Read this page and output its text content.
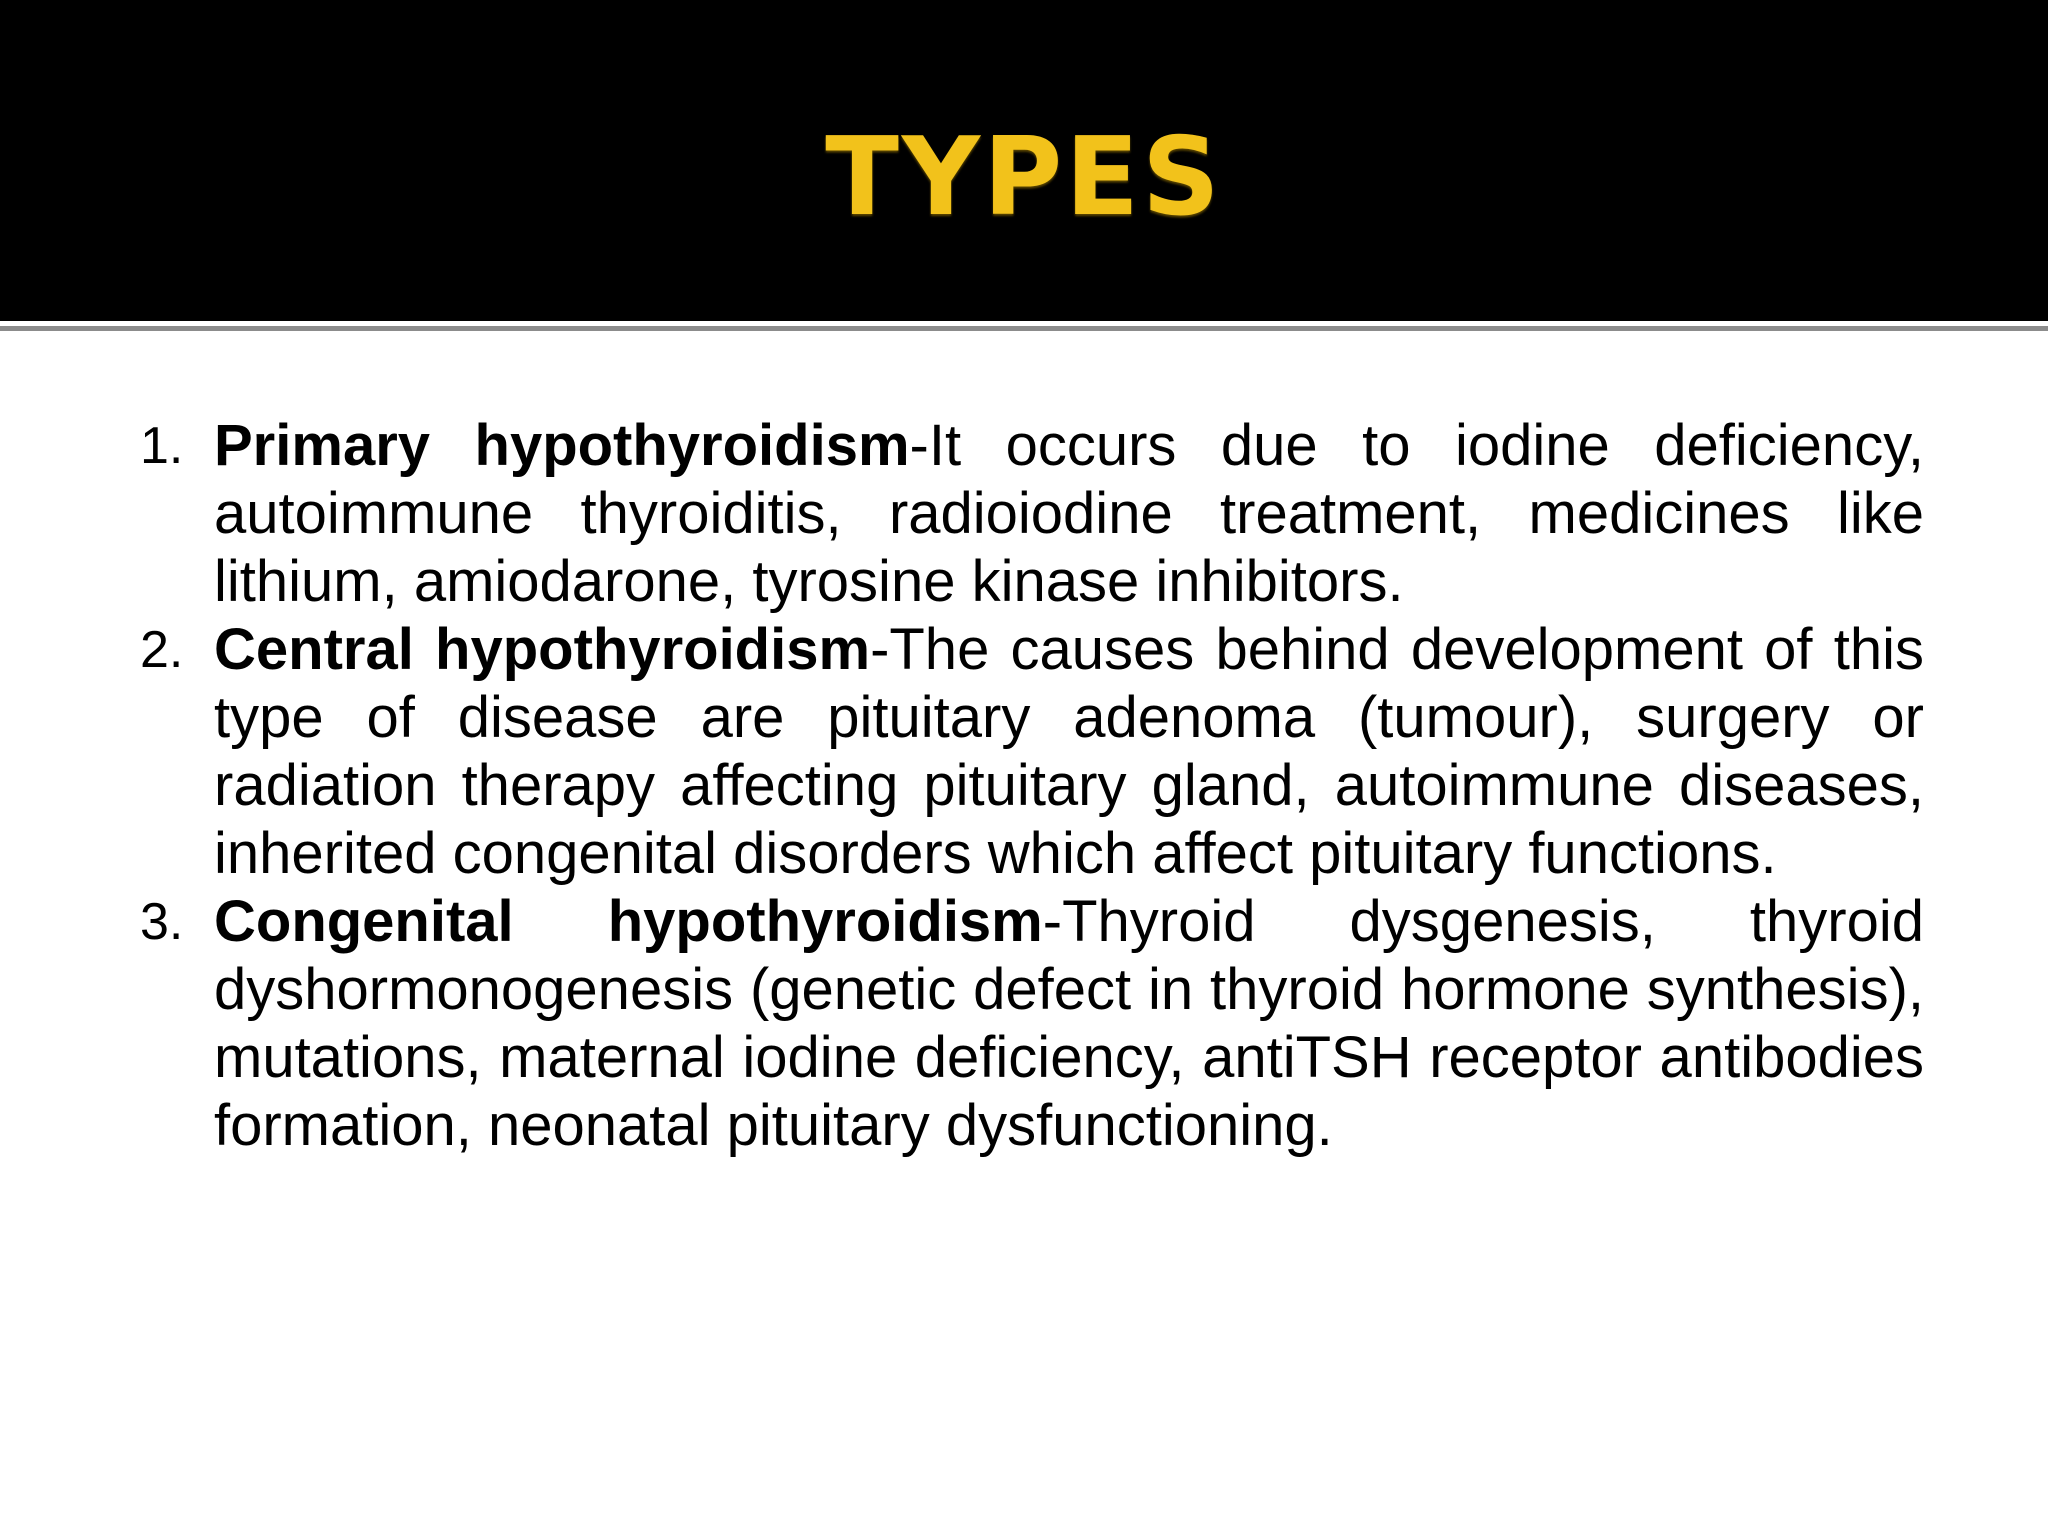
TYPES
1. Primary hypothyroidism-It occurs due to iodine deficiency, autoimmune thyroiditis, radioiodine treatment, medicines like lithium, amiodarone, tyrosine kinase inhibitors.
2. Central hypothyroidism-The causes behind development of this type of disease are pituitary adenoma (tumour), surgery or radiation therapy affecting pituitary gland, autoimmune diseases, inherited congenital disorders which affect pituitary functions.
3. Congenital hypothyroidism-Thyroid dysgenesis, thyroid dyshormonogenesis (genetic defect in thyroid hormone synthesis), mutations, maternal iodine deficiency, antiTSH receptor antibodies formation, neonatal pituitary dysfunctioning.
